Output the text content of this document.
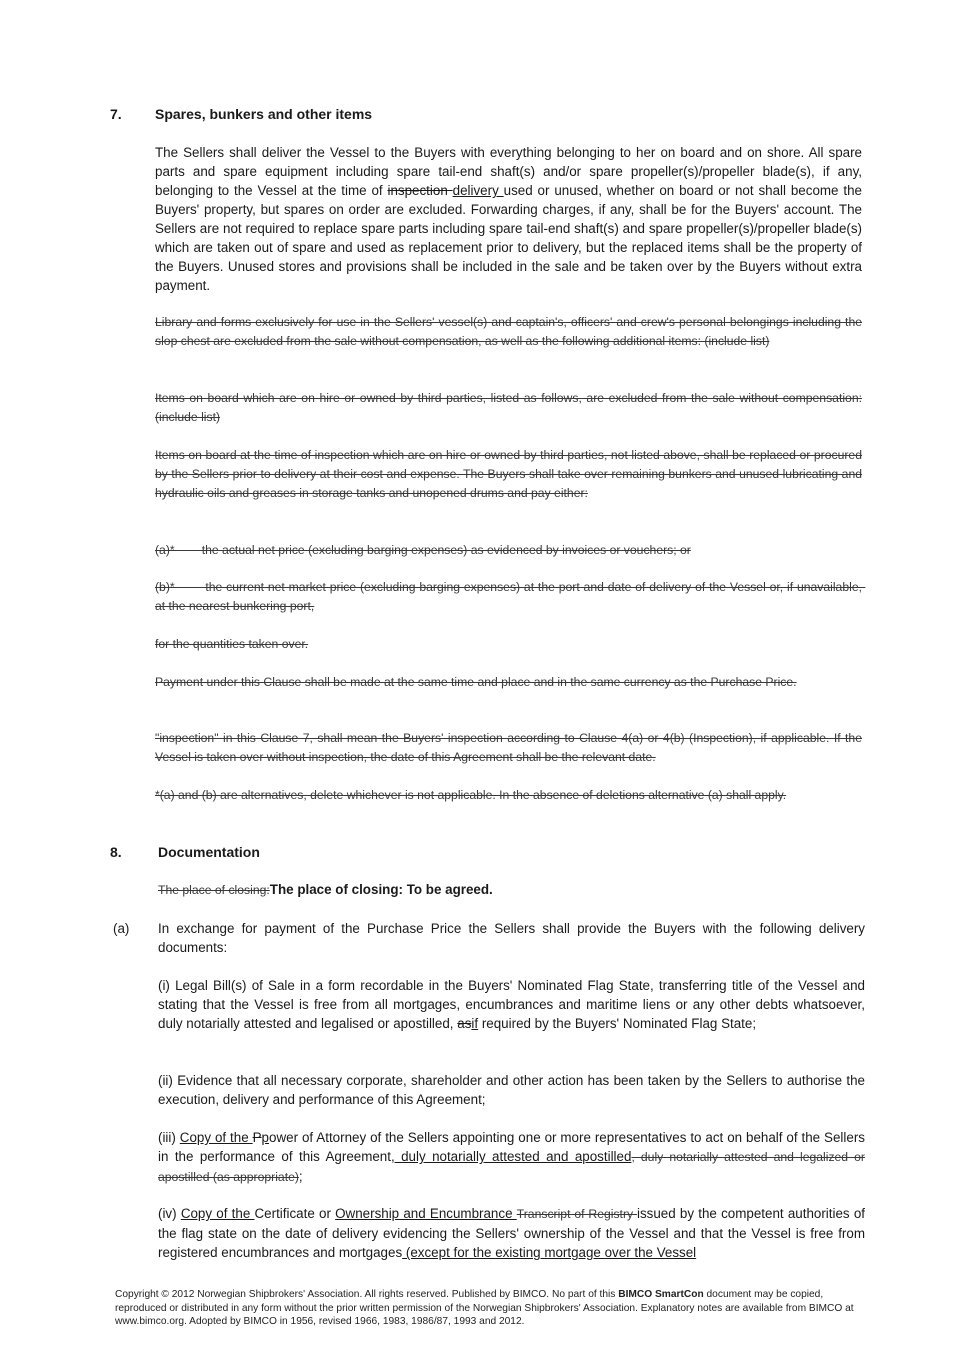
7. Spares, bunkers and other items
The Sellers shall deliver the Vessel to the Buyers with everything belonging to her on board and on shore. All spare parts and spare equipment including spare tail-end shaft(s) and/or spare propeller(s)/propeller blade(s), if any, belonging to the Vessel at the time of inspection delivery used or unused, whether on board or not shall become the Buyers' property, but spares on order are excluded. Forwarding charges, if any, shall be for the Buyers' account. The Sellers are not required to replace spare parts including spare tail-end shaft(s) and spare propeller(s)/propeller blade(s) which are taken out of spare and used as replacement prior to delivery, but the replaced items shall be the property of the Buyers. Unused stores and provisions shall be included in the sale and be taken over by the Buyers without extra payment.
Library and forms exclusively for use in the Sellers' vessel(s) and captain's, officers' and crew's personal belongings including the slop chest are excluded from the sale without compensation, as well as the following additional items: (include list)
Items on board which are on hire or owned by third parties, listed as follows, are excluded from the sale without compensation: (include list)
Items on board at the time of inspection which are on hire or owned by third parties, not listed above, shall be replaced or procured by the Sellers prior to delivery at their cost and expense. The Buyers shall take over remaining bunkers and unused lubricating and hydraulic oils and greases in storage tanks and unopened drums and pay either:
(a)*        the actual net price (excluding barging expenses) as evidenced by invoices or vouchers; or
(b)*        the current net market price (excluding barging expenses) at the port and date of delivery of the Vessel or, if unavailable, at the nearest bunkering port,
for the quantities taken over.
Payment under this Clause shall be made at the same time and place and in the same currency as the Purchase Price.
"inspection" in this Clause 7, shall mean the Buyers' inspection according to Clause 4(a) or 4(b) (Inspection), if applicable. If the Vessel is taken over without inspection, the date of this Agreement shall be the relevant date.
*(a) and (b) are alternatives, delete whichever is not applicable. In the absence of deletions alternative (a) shall apply.
8.	Documentation
The place of closing:The place of closing: To be agreed.
(a) In exchange for payment of the Purchase Price the Sellers shall provide the Buyers with the following delivery documents:
(i) Legal Bill(s) of Sale in a form recordable in the Buyers' Nominated Flag State, transferring title of the Vessel and stating that the Vessel is free from all mortgages, encumbrances and maritime liens or any other debts whatsoever, duly notarially attested and legalised or apostilled, asif required by the Buyers' Nominated Flag State;
(ii) Evidence that all necessary corporate, shareholder and other action has been taken by the Sellers to authorise the execution, delivery and performance of this Agreement;
(iii) Copy of the Ppower of Attorney of the Sellers appointing one or more representatives to act on behalf of the Sellers in the performance of this Agreement, duly notarially attested and apostilled, duly notarially attested and legalized or apostilled (as appropriate);
(iv) Copy of the Certificate or Ownership and Encumbrance Transcript of Registry issued by the competent authorities of the flag state on the date of delivery evidencing the Sellers' ownership of the Vessel and that the Vessel is free from registered encumbrances and mortgages (except for the existing mortgage over the Vessel
Copyright © 2012 Norwegian Shipbrokers' Association. All rights reserved. Published by BIMCO. No part of this BIMCO SmartCon document may be copied, reproduced or distributed in any form without the prior written permission of the Norwegian Shipbrokers' Association. Explanatory notes are available from BIMCO at www.bimco.org. Adopted by BIMCO in 1956, revised 1966, 1983, 1986/87, 1993 and 2012.
